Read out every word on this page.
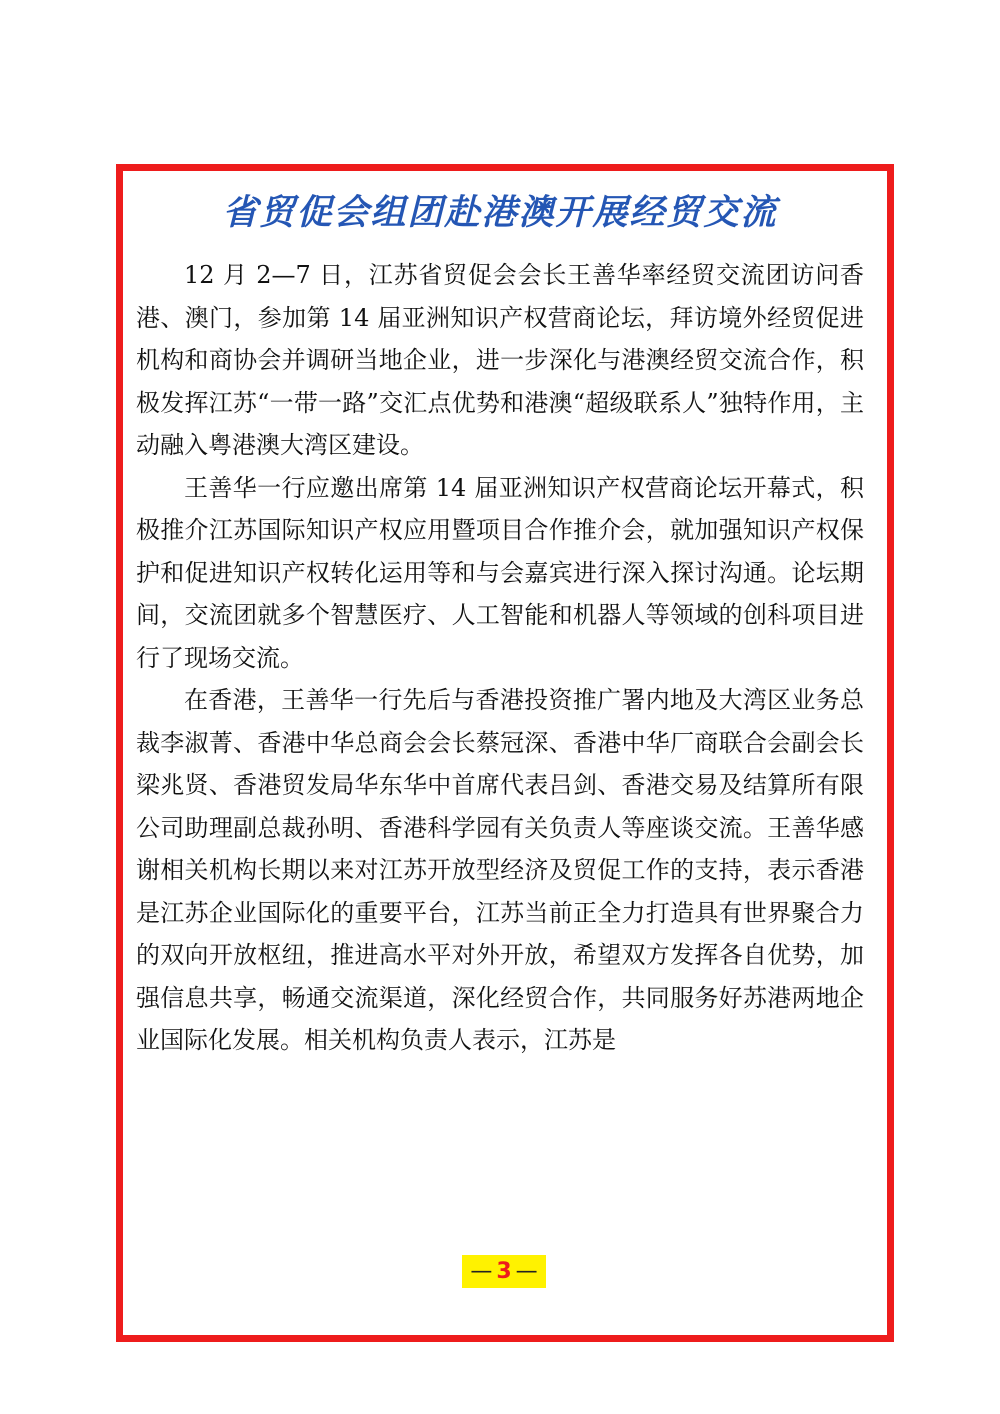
省贸促会组团赴港澳开展经贸交流

12 月 2—7 日，江苏省贸促会会长王善华率经贸交流团访问香港、澳门，参加第 14 届亚洲知识产权营商论坛，拜访境外经贸促进机构和商协会并调研当地企业，进一步深化与港澳经贸交流合作，积极发挥江苏“一带一路”交汇点优势和港澳“超级联系人”独特作用，主动融入粤港澳大湾区建设。

王善华一行应邀出席第 14 届亚洲知识产权营商论坛开幕式，积极推介江苏国际知识产权应用暨项目合作推介会，就加强知识产权保护和促进知识产权转化运用等和与会嘉宾进行深入探讨沟通。论坛期间，交流团就多个智慧医疗、人工智能和机器人等领域的创科项目进行了现场交流。

在香港，王善华一行先后与香港投资推广署内地及大湾区业务总裁李淑菁、香港中华总商会会长蔡冠深、香港中华厂商联合会副会长梁兆贤、香港贸发局华东华中首席代表吕剑、香港交易及结算所有限公司助理副总裁孙明、香港科学园有关负责人等座谈交流。王善华感谢相关机构长期以来对江苏开放型经济及贸促工作的支持，表示香港是江苏企业国际化的重要平台，江苏当前正全力打造具有世界聚合力的双向开放枢纽，推进高水平对外开放，希望双方发挥各自优势，加强信息共享，畅通交流渠道，深化经贸合作，共同服务好苏港两地企业国际化发展。相关机构负责人表示，江苏是

— 3 —
